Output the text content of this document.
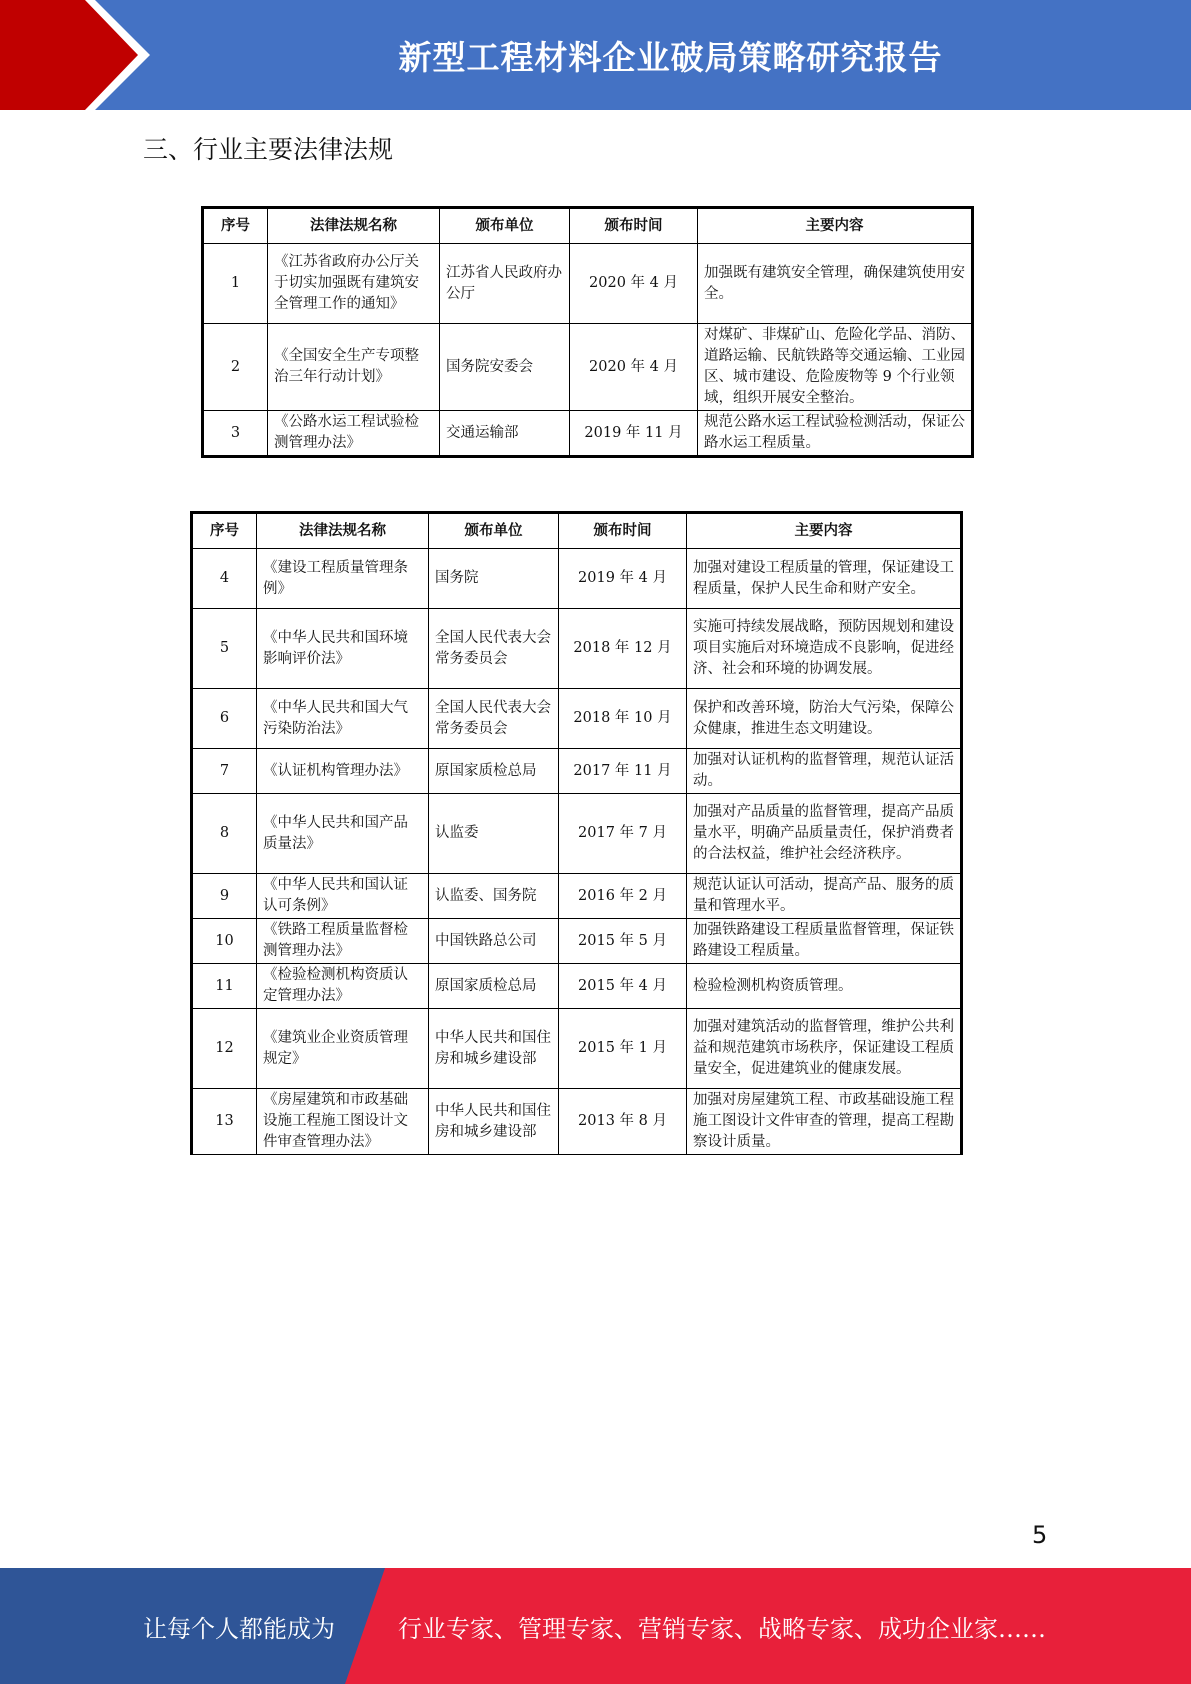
新型工程材料企业破局策略研究报告
三、行业主要法律法规
序号	法律法规名称	颁布单位	颁布时间	主要内容
1	《江苏省政府办公厅关于切实加强既有建筑安全管理工作的通知》	江苏省人民政府办公厅	2020 年 4 月	加强既有建筑安全管理，确保建筑使用安全。
2	《全国安全生产专项整治三年行动计划》	国务院安委会	2020 年 4 月	对煤矿、非煤矿山、危险化学品、消防、道路运输、民航铁路等交通运输、工业园区、城市建设、危险废物等 9 个行业领域，组织开展安全整治。
3	《公路水运工程试验检测管理办法》	交通运输部	2019 年 11 月	规范公路水运工程试验检测活动，保证公路水运工程质量。
序号	法律法规名称	颁布单位	颁布时间	主要内容
4	《建设工程质量管理条例》	国务院	2019 年 4 月	加强对建设工程质量的管理，保证建设工程质量，保护人民生命和财产安全。
5	《中华人民共和国环境影响评价法》	全国人民代表大会常务委员会	2018 年 12 月	实施可持续发展战略，预防因规划和建设项目实施后对环境造成不良影响，促进经济、社会和环境的协调发展。
6	《中华人民共和国大气污染防治法》	全国人民代表大会常务委员会	2018 年 10 月	保护和改善环境，防治大气污染，保障公众健康，推进生态文明建设。
7	《认证机构管理办法》	原国家质检总局	2017 年 11 月	加强对认证机构的监督管理，规范认证活动。
8	《中华人民共和国产品质量法》	认监委	2017 年 7 月	加强对产品质量的监督管理，提高产品质量水平，明确产品质量责任，保护消费者的合法权益，维护社会经济秩序。
9	《中华人民共和国认证认可条例》	认监委、国务院	2016 年 2 月	规范认证认可活动，提高产品、服务的质量和管理水平。
10	《铁路工程质量监督检测管理办法》	中国铁路总公司	2015 年 5 月	加强铁路建设工程质量监督管理，保证铁路建设工程质量。
11	《检验检测机构资质认定管理办法》	原国家质检总局	2015 年 4 月	检验检测机构资质管理。
12	《建筑业企业资质管理规定》	中华人民共和国住房和城乡建设部	2015 年 1 月	加强对建筑活动的监督管理，维护公共利益和规范建筑市场秩序，保证建设工程质量安全，促进建筑业的健康发展。
13	《房屋建筑和市政基础设施工程施工图设计文件审查管理办法》	中华人民共和国住房和城乡建设部	2013 年 8 月	加强对房屋建筑工程、市政基础设施工程施工图设计文件审查的管理，提高工程勘察设计质量。
5
让每个人都能成为	行业专家、管理专家、营销专家、战略专家、成功企业家……
